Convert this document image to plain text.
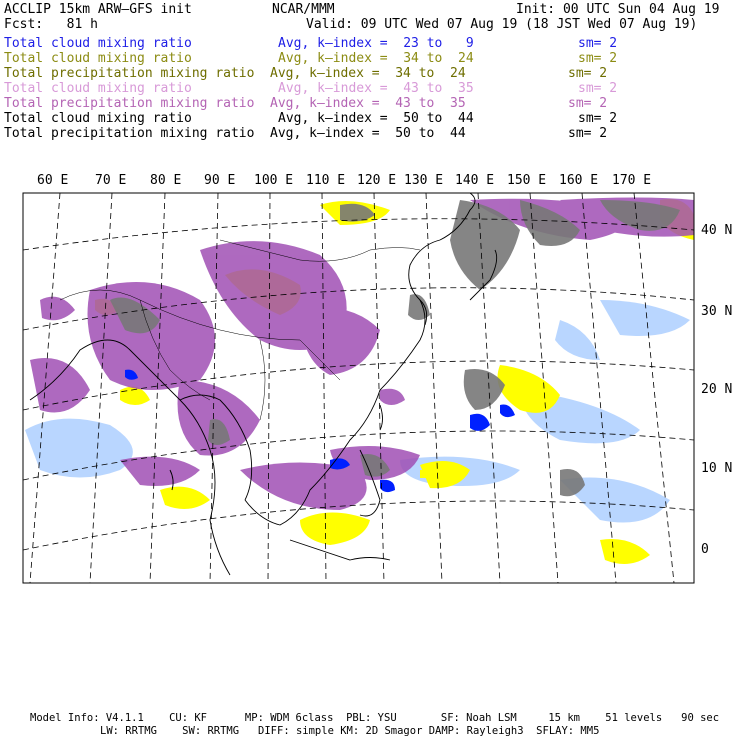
ACCLIP 15km ARW–GFS init	NCAR/MMM	Init: 00 UTC Sun 04 Aug 19
Fcst:   81 h	Valid: 09 UTC Wed 07 Aug 19 (18 JST Wed 07 Aug 19)
Total cloud mixing ratio	Avg, k–index =  23 to   9	sm= 2
Total cloud mixing ratio	Avg, k–index =  34 to  24	sm= 2
Total precipitation mixing ratio Avg, k–index =  34 to  24	sm= 2
Total cloud mixing ratio	Avg, k–index =  43 to  35	sm= 2
Total precipitation mixing ratio Avg, k–index =  43 to  35	sm= 2
Total cloud mixing ratio	Avg, k–index =  50 to  44	sm= 2
Total precipitation mixing ratio Avg, k–index =  50 to  44	sm= 2
60 E 70 E 80 E 90 E 100 E 110 E 120 E 130 E 140 E 150 E 160 E 170 E
40 N
30 N
20 N
10 N
0
Model Info: V4.1.1    CU: KF      MP: WDM 6class  PBL: YSU       SF: Noah LSM     15 km    51 levels   90 sec
LW: RRTMG    SW: RRTMG   DIFF: simple KM: 2D Smagor DAMP: Rayleigh3  SFLAY: MM5
